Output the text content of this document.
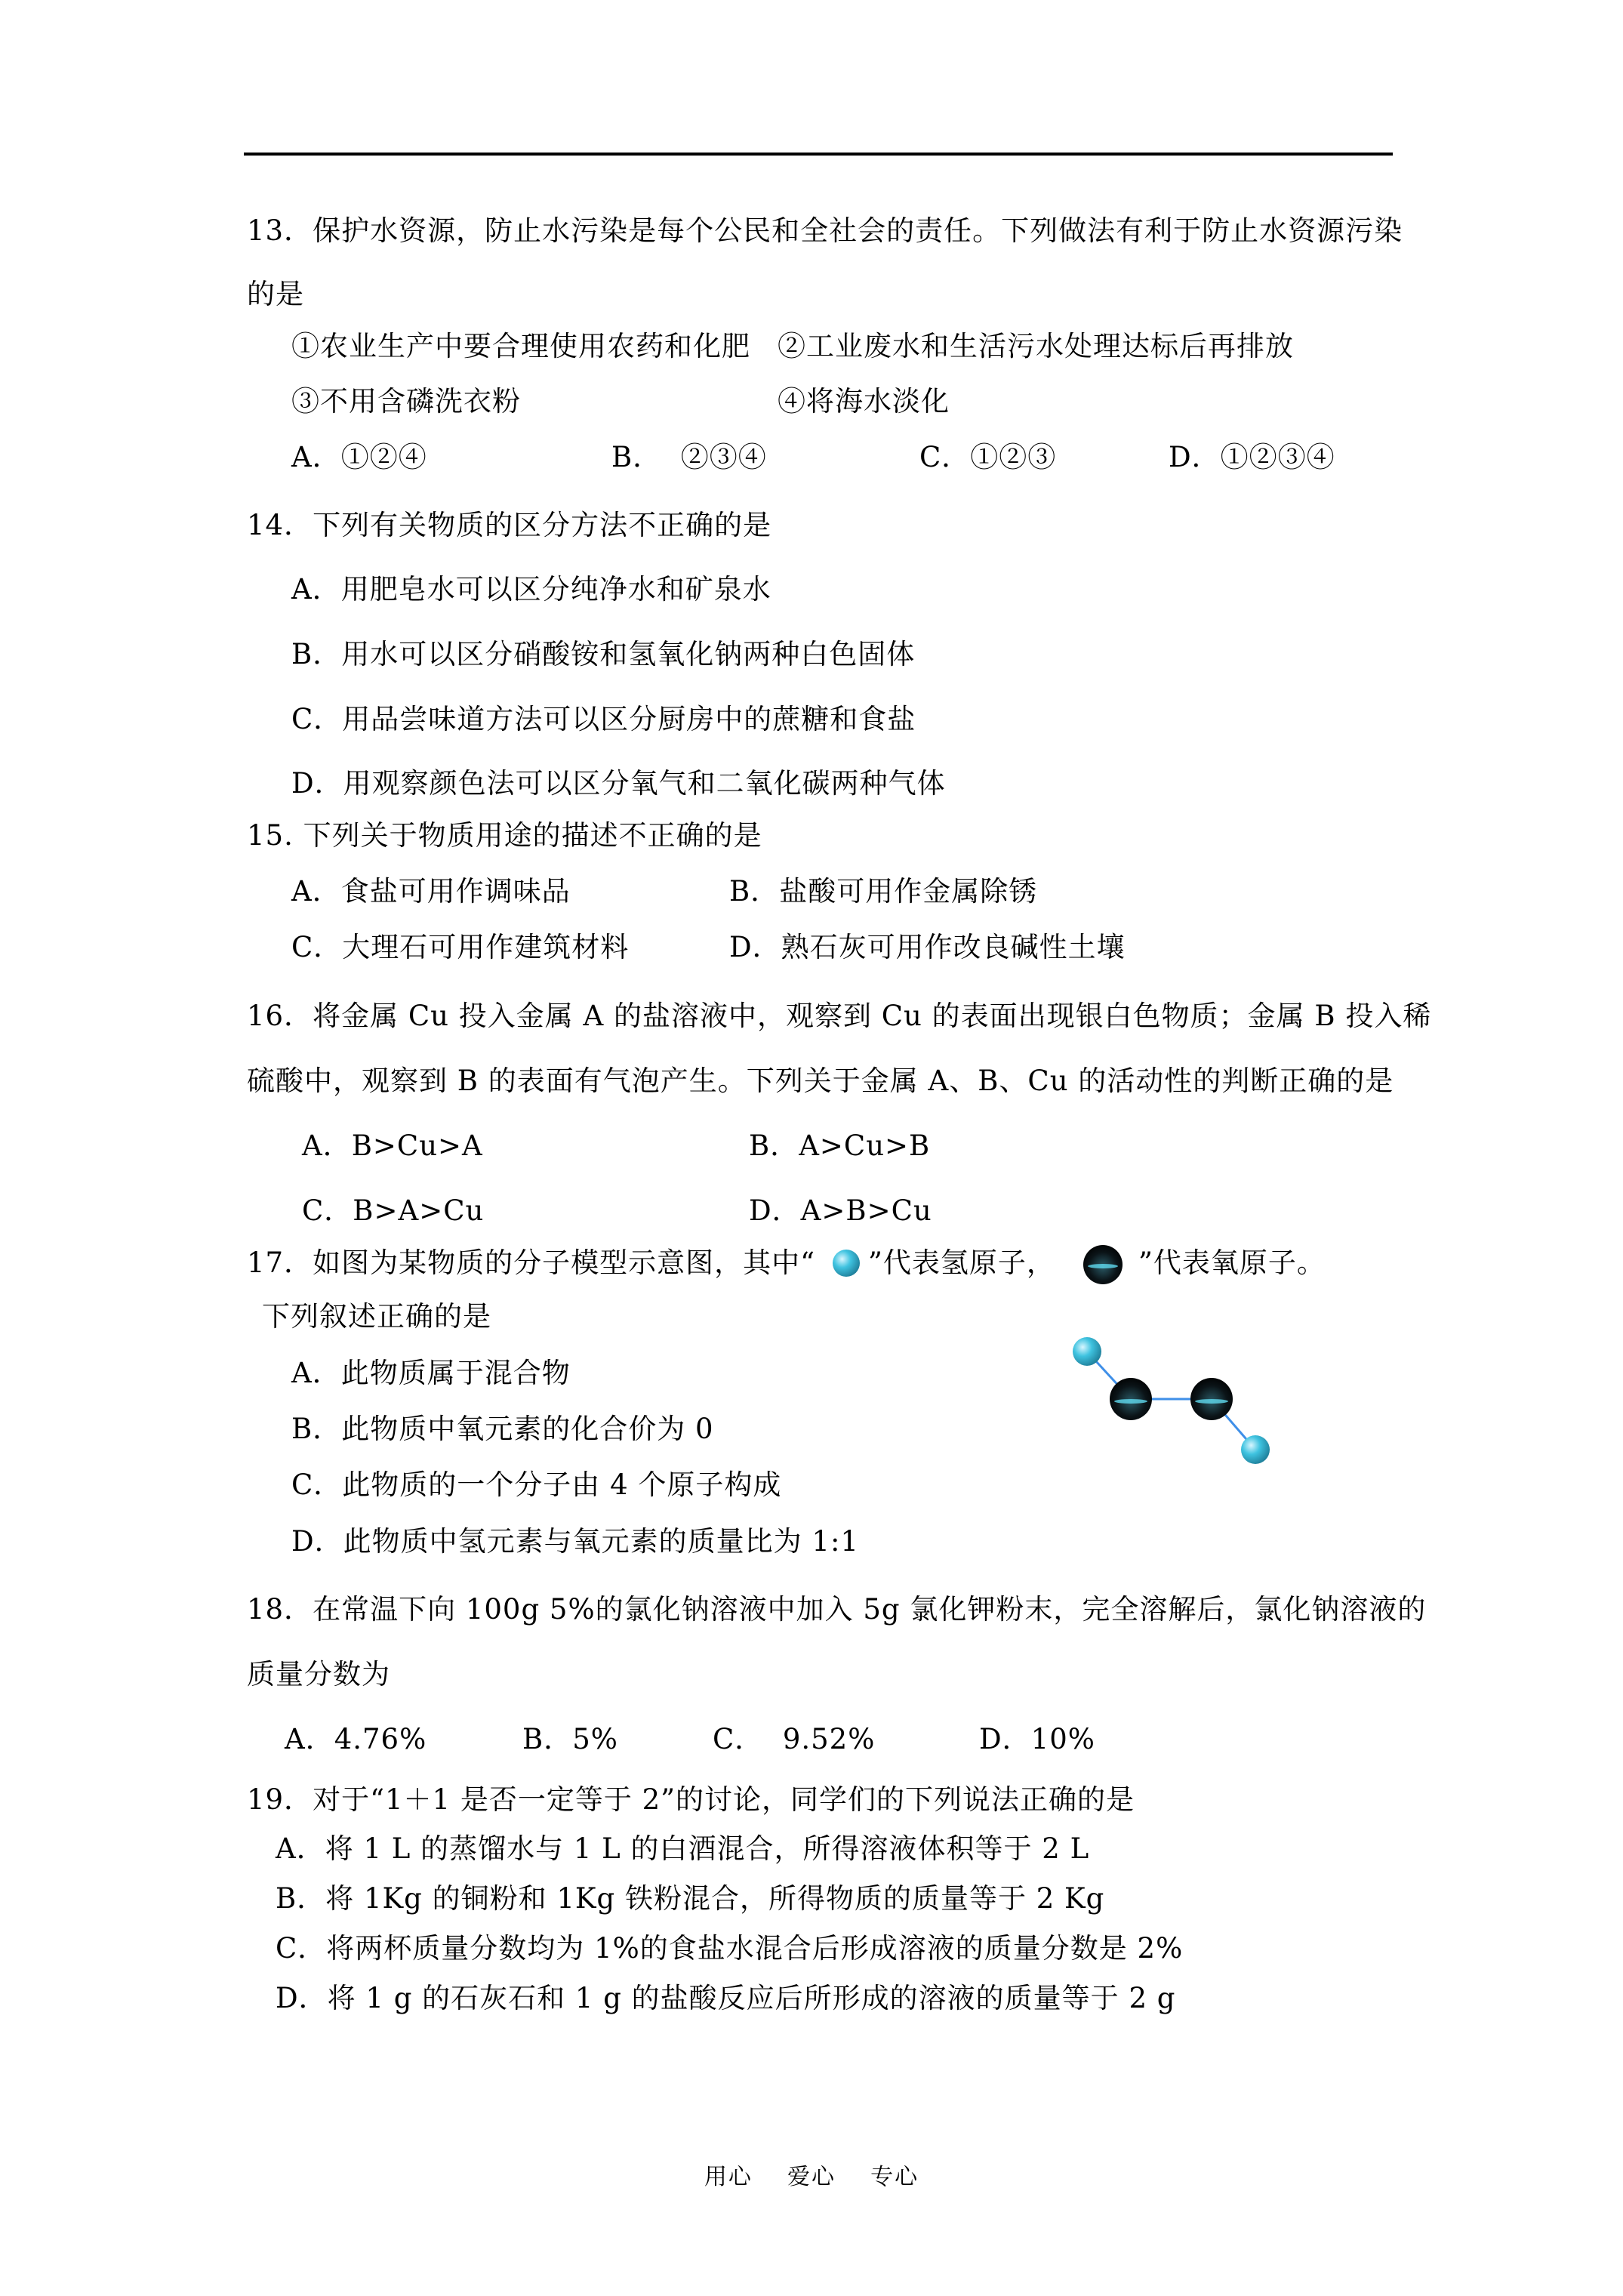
13．保护水资源，防止水污染是每个公民和全社会的责任。下列做法有利于防止水资源污染
的是
①农业生产中要合理使用农药和化肥 ②工业废水和生活污水处理达标后再排放
③不用含磷洗衣粉	④将海水淡化
A．①②④	B．  ②③④	C．①②③	D．①②③④
14．下列有关物质的区分方法不正确的是
A．用肥皂水可以区分纯净水和矿泉水
B．用水可以区分硝酸铵和氢氧化钠两种白色固体
C．用品尝味道方法可以区分厨房中的蔗糖和食盐
D．用观察颜色法可以区分氧气和二氧化碳两种气体
15. 下列关于物质用途的描述不正确的是
A．食盐可用作调味品	B．盐酸可用作金属除锈
C．大理石可用作建筑材料	D．熟石灰可用作改良碱性土壤
16．将金属 Cu 投入金属 A 的盐溶液中，观察到 Cu 的表面出现银白色物质；金属 B 投入稀
硫酸中，观察到 B 的表面有气泡产生。下列关于金属 A、B、Cu 的活动性的判断正确的是
A．B>Cu>A	B．A>Cu>B
C．B>A>Cu	D．A>B>Cu
17．如图为某物质的分子模型示意图，其中“ ”代表氢原子，	”代表氧原子。
下列叙述正确的是
A．此物质属于混合物
B．此物质中氧元素的化合价为 0
C．此物质的一个分子由 4 个原子构成
D．此物质中氢元素与氧元素的质量比为 1:1
18．在常温下向 100g 5%的氯化钠溶液中加入 5g 氯化钾粉末，完全溶解后，氯化钠溶液的
质量分数为
A．4.76%	B．5%	C．  9.52%	D．10%
19．对于“1＋1 是否一定等于 2”的讨论，同学们的下列说法正确的是
A．将 1 L 的蒸馏水与 1 L 的白酒混合，所得溶液体积等于 2 L
B．将 1Kg 的铜粉和 1Kg 铁粉混合，所得物质的质量等于 2 Kg
C．将两杯质量分数均为 1%的食盐水混合后形成溶液的质量分数是 2%
D．将 1 g 的石灰石和 1 g 的盐酸反应后所形成的溶液的质量等于 2 g
用心    爱心    专心
